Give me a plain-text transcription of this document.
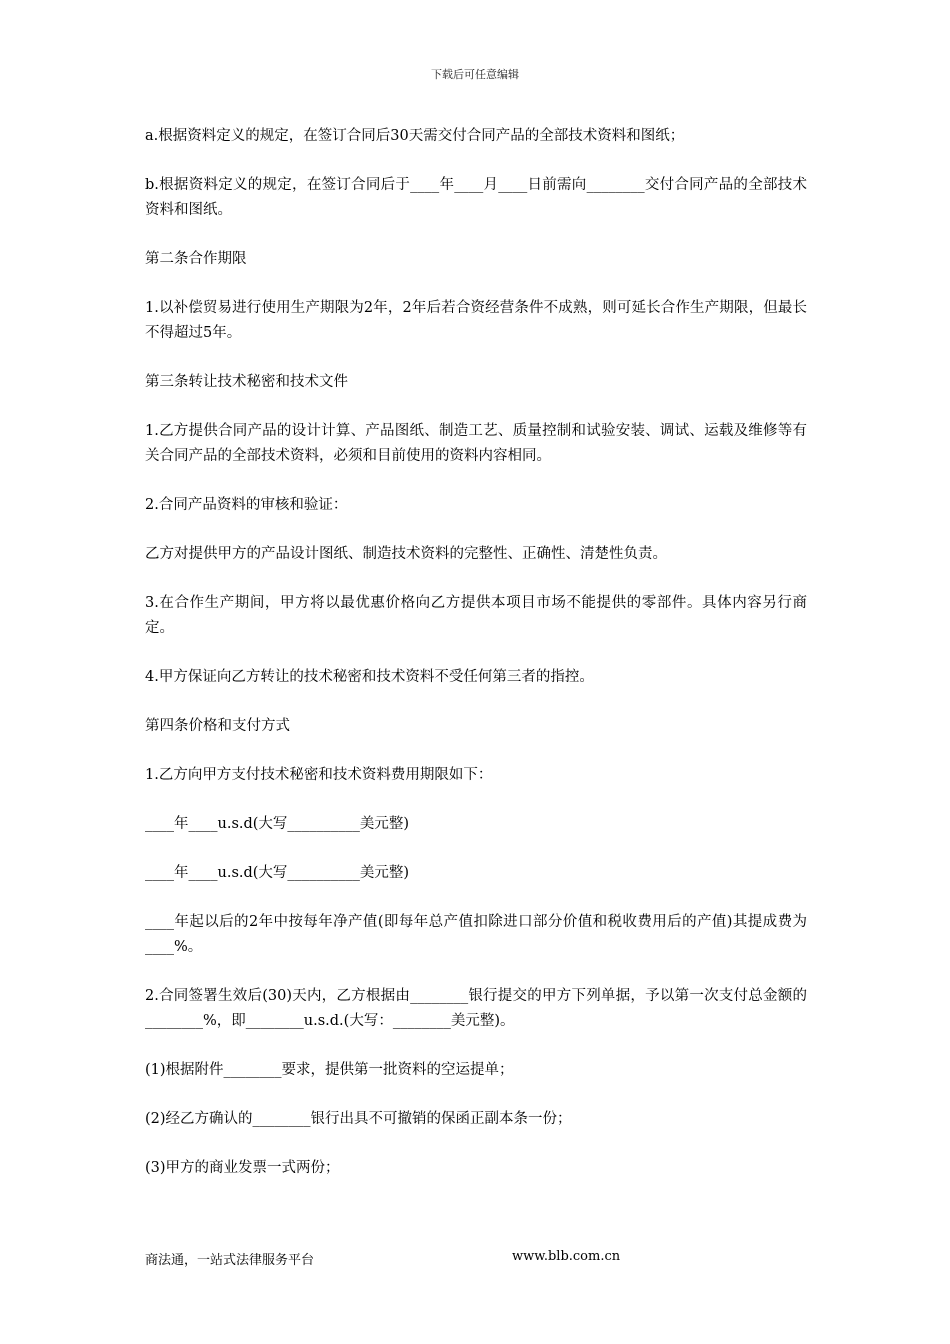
下载后可任意编辑

a.根据资料定义的规定，在签订合同后30天需交付合同产品的全部技术资料和图纸；

b.根据资料定义的规定，在签订合同后于____年____月____日前需向________交付合同产品的全部技术资料和图纸。

第二条合作期限

1.以补偿贸易进行使用生产期限为2年，2年后若合资经营条件不成熟，则可延长合作生产期限，但最长不得超过5年。

第三条转让技术秘密和技术文件

1.乙方提供合同产品的设计计算、产品图纸、制造工艺、质量控制和试验安装、调试、运载及维修等有关合同产品的全部技术资料，必须和目前使用的资料内容相同。

2.合同产品资料的审核和验证：

乙方对提供甲方的产品设计图纸、制造技术资料的完整性、正确性、清楚性负责。

3.在合作生产期间，甲方将以最优惠价格向乙方提供本项目市场不能提供的零部件。具体内容另行商定。

4.甲方保证向乙方转让的技术秘密和技术资料不受任何第三者的指控。

第四条价格和支付方式

1.乙方向甲方支付技术秘密和技术资料费用期限如下：

____年____u.s.d(大写__________美元整)

____年____u.s.d(大写__________美元整)

____年起以后的2年中按每年净产值(即每年总产值扣除进口部分价值和税收费用后的产值)其提成费为____%。

2.合同签署生效后(30)天内，乙方根据由________银行提交的甲方下列单据，予以第一次支付总金额的________%，即________u.s.d.(大写：________美元整)。

(1)根据附件________要求，提供第一批资料的空运提单；

(2)经乙方确认的________银行出具不可撤销的保函正副本条一份；

(3)甲方的商业发票一式两份；

商法通，一站式法律服务平台	www.blb.com.cn
